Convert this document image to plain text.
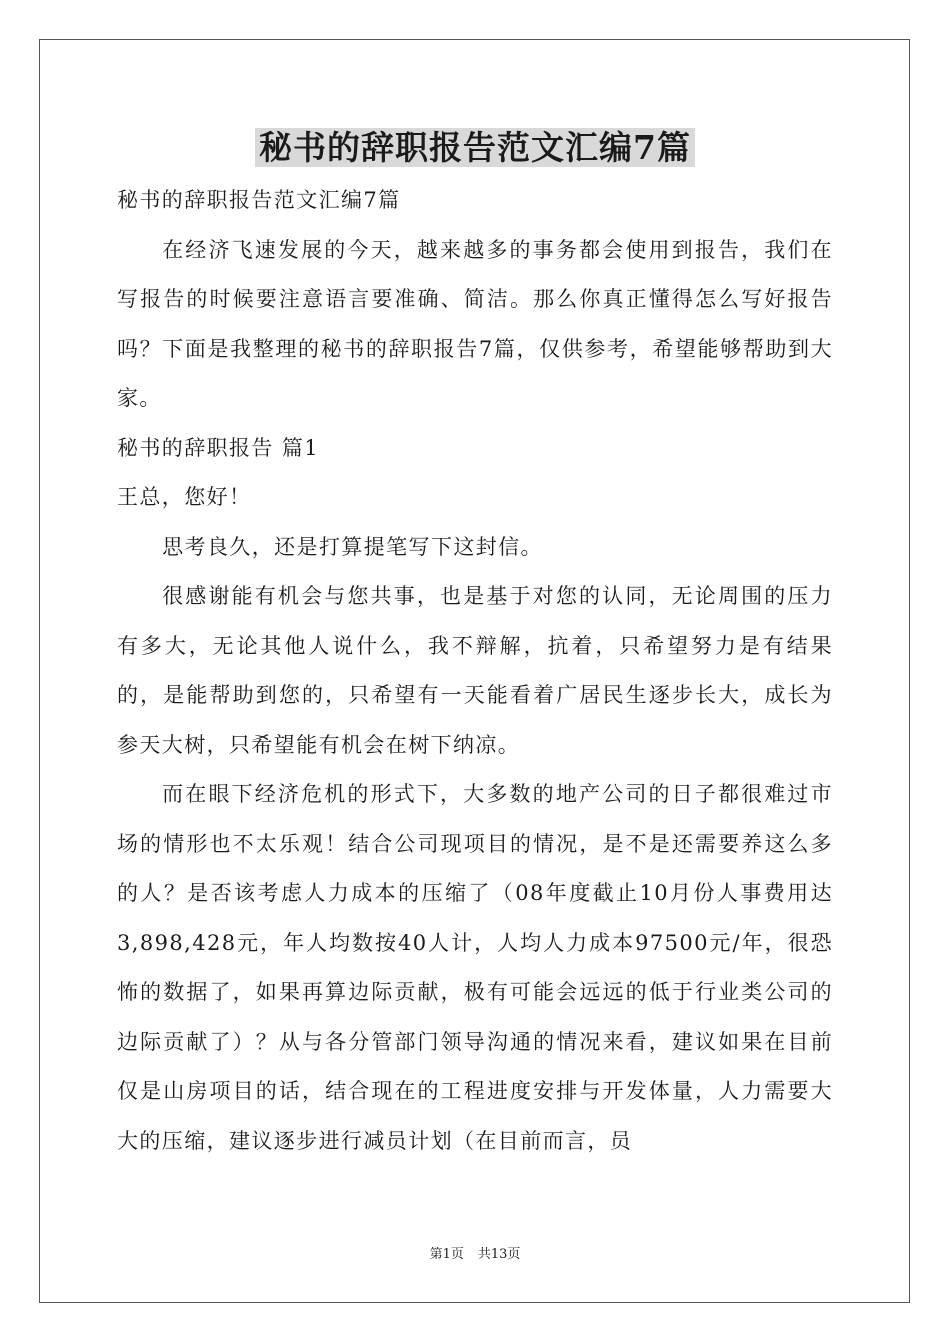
秘书的辞职报告范文汇编7篇

秘书的辞职报告范文汇编7篇

在经济飞速发展的今天，越来越多的事务都会使用到报告，我们在写报告的时候要注意语言要准确、简洁。那么你真正懂得怎么写好报告吗？下面是我整理的秘书的辞职报告7篇，仅供参考，希望能够帮助到大家。

秘书的辞职报告 篇1

王总，您好！

思考良久，还是打算提笔写下这封信。

很感谢能有机会与您共事，也是基于对您的认同，无论周围的压力有多大，无论其他人说什么，我不辩解，抗着，只希望努力是有结果的，是能帮助到您的，只希望有一天能看着广居民生逐步长大，成长为参天大树，只希望能有机会在树下纳凉。

而在眼下经济危机的形式下，大多数的地产公司的日子都很难过市场的情形也不太乐观！结合公司现项目的情况，是不是还需要养这么多的人？是否该考虑人力成本的压缩了（08年度截止10月份人事费用达3,898,428元，年人均数按40人计，人均人力成本97500元/年，很恐怖的数据了，如果再算边际贡献，极有可能会远远的低于行业类公司的边际贡献了）？从与各分管部门领导沟通的情况来看，建议如果在目前仅是山房项目的话，结合现在的工程进度安排与开发体量，人力需要大大的压缩，建议逐步进行减员计划（在目前而言，员

第1页 共13页
